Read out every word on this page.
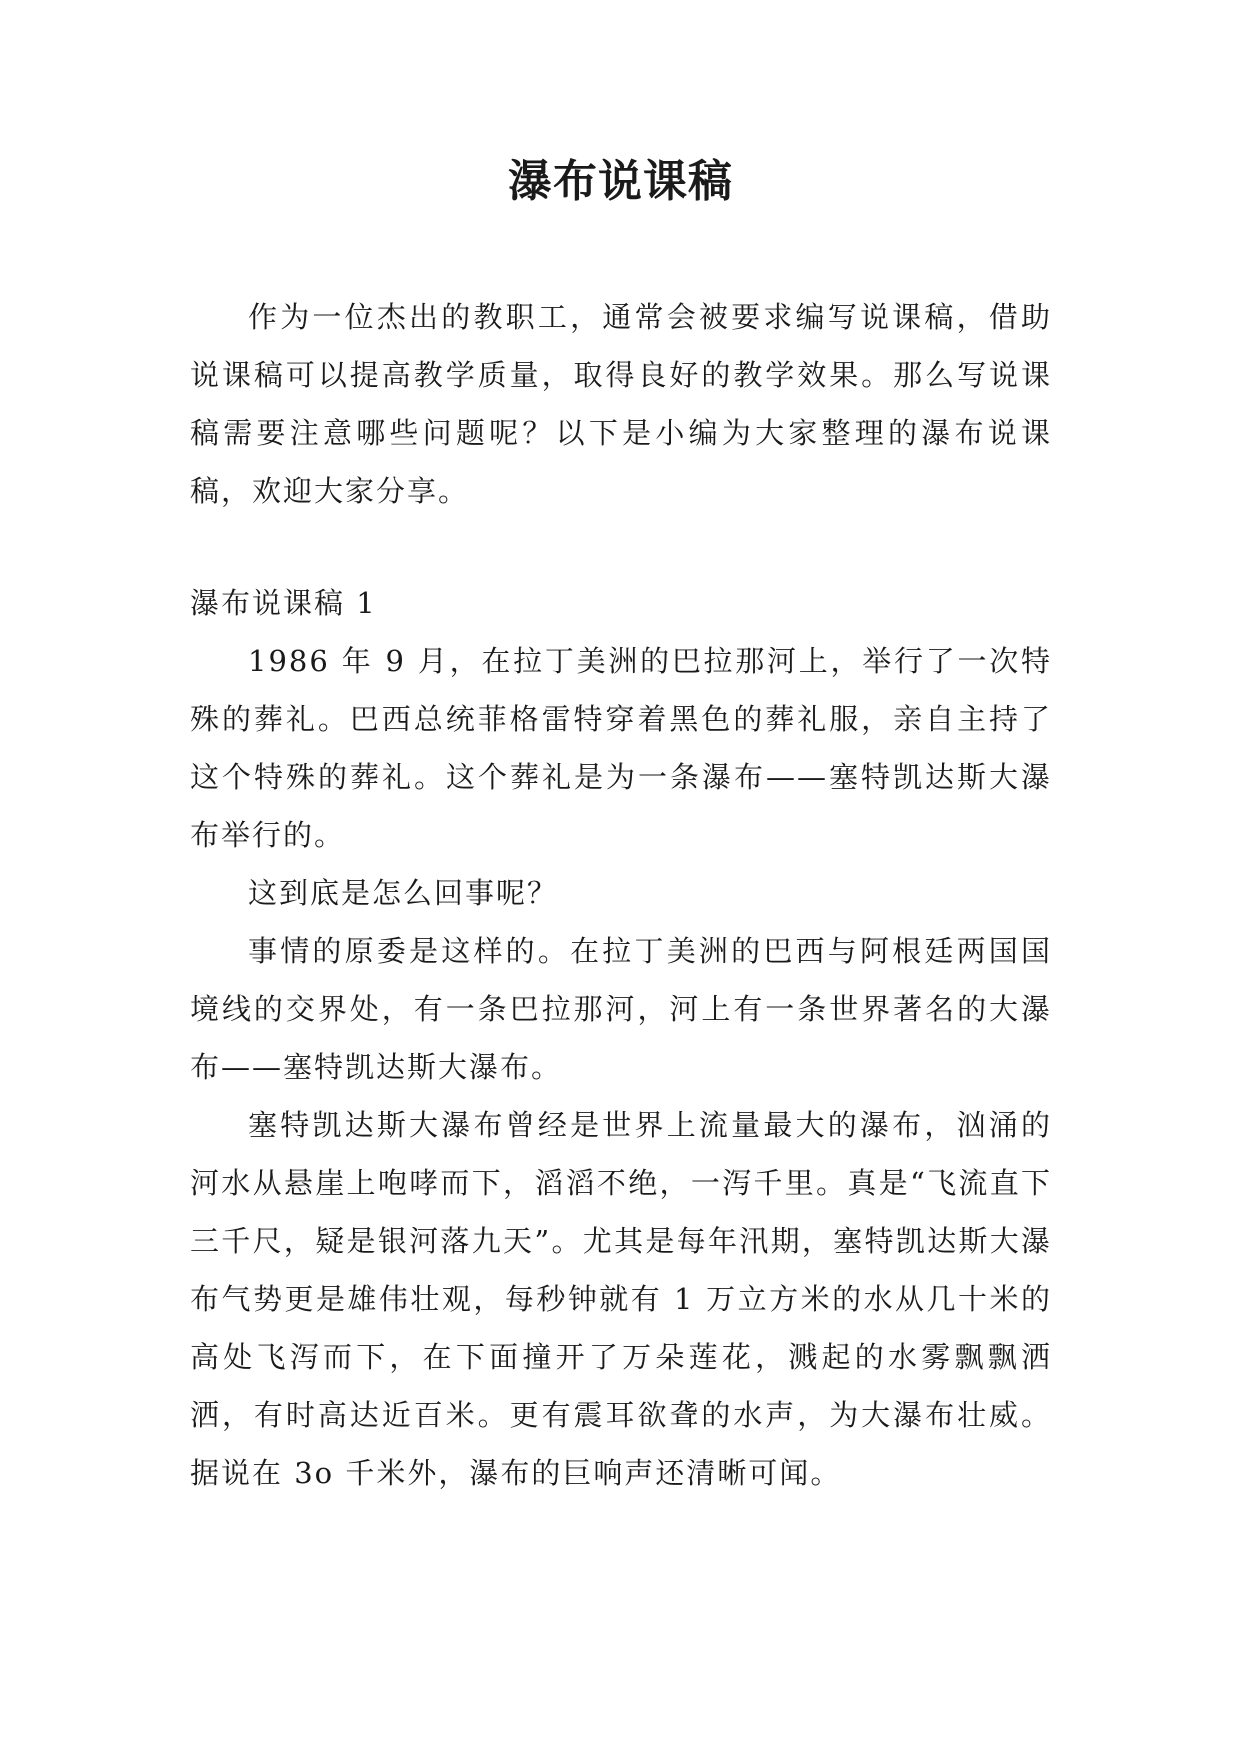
瀑布说课稿

作为一位杰出的教职工，通常会被要求编写说课稿，借助说课稿可以提高教学质量，取得良好的教学效果。那么写说课稿需要注意哪些问题呢？以下是小编为大家整理的瀑布说课稿，欢迎大家分享。

瀑布说课稿 1

1986 年 9 月，在拉丁美洲的巴拉那河上，举行了一次特殊的葬礼。巴西总统菲格雷特穿着黑色的葬礼服，亲自主持了这个特殊的葬礼。这个葬礼是为一条瀑布——塞特凯达斯大瀑布举行的。

这到底是怎么回事呢？

事情的原委是这样的。在拉丁美洲的巴西与阿根廷两国国境线的交界处，有一条巴拉那河，河上有一条世界著名的大瀑布——塞特凯达斯大瀑布。

塞特凯达斯大瀑布曾经是世界上流量最大的瀑布，汹涌的河水从悬崖上咆哮而下，滔滔不绝，一泻千里。真是“飞流直下三千尺，疑是银河落九天”。尤其是每年汛期，塞特凯达斯大瀑布气势更是雄伟壮观，每秒钟就有 1 万立方米的水从几十米的高处飞泻而下，在下面撞开了万朵莲花，溅起的水雾飘飘洒洒，有时高达近百米。更有震耳欲聋的水声，为大瀑布壮威。据说在 3o 千米外，瀑布的巨响声还清晰可闻。
